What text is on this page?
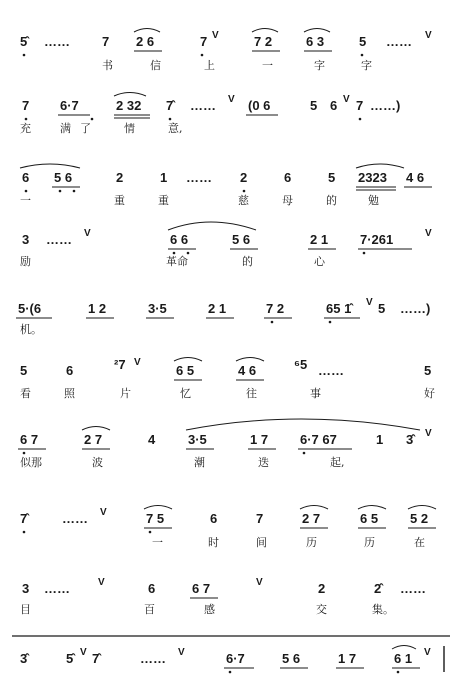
5̂ …… 7 2 6	7 V	7 2	6 3	5 …… V
书	信	上	一	字	字
7 6·7	2 32 7̂ …… V (0 6	5 6 V 7 ……)
充	满 了	情	意,
6 5 6	2	1 …… 2	6	5 2323 4 6
一	重	重	慈	母	的	勉
3 …… V	6 6	5 6	2 1 7·261	V
励	革命	的	心
5·(6	1 2	3·5	2 1	7 2	65 1̂ V 5 ……)
机。
5	6	²7 V
6 5	4 6	⁶5 ……	5
看	照	片	忆	往	事	好
6 7	2 7	4	3·5	1 7 6·7 67	1 3̂ V
似那	波	潮	迭	起,
7̂	…… V	7 5	6	7	2 7	6 5 5 2
一	时	间	历	历	在
3 ……	V	6	6 7	V	2	2̂ ……
目	百	感	交	集。
3̂	5̂ V 7̂	…… V	6·7	5 6	1 7	6 1 V
